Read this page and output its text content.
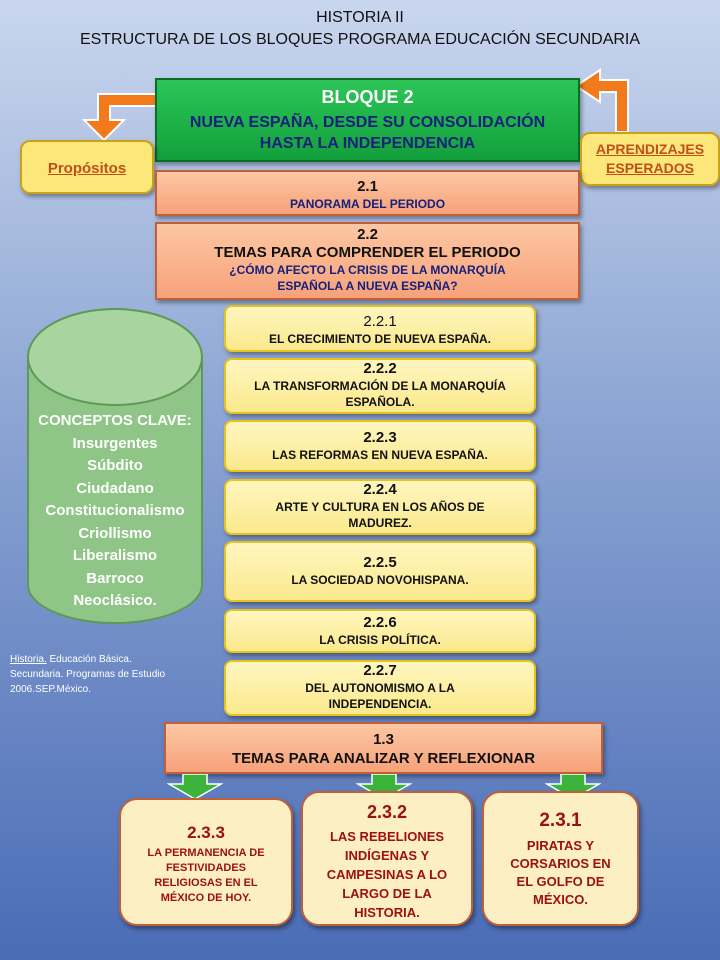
HISTORIA II
ESTRUCTURA DE LOS BLOQUES PROGRAMA EDUCACIÓN SECUNDARIA
BLOQUE 2
NUEVA ESPAÑA, DESDE SU CONSOLIDACIÓN
HASTA LA INDEPENDENCIA
Propósitos
APRENDIZAJES
ESPERADOS
2.1
PANORAMA DEL PERIODO
2.2
TEMAS PARA COMPRENDER EL PERIODO
¿CÓMO AFECTO LA CRISIS DE LA MONARQUÍA
ESPAÑOLA A NUEVA ESPAÑA?
2.2.1
EL CRECIMIENTO DE NUEVA ESPAÑA.
2.2.2
LA TRANSFORMACIÓN DE LA MONARQUÍA ESPAÑOLA.
2.2.3
LAS REFORMAS EN NUEVA ESPAÑA.
2.2.4
ARTE Y CULTURA EN LOS AÑOS DE MADUREZ.
2.2.5
LA SOCIEDAD NOVOHISPANA.
2.2.6
LA CRISIS POLÍTICA.
2.2.7
DEL AUTONOMISMO A LA INDEPENDENCIA.
CONCEPTOS CLAVE:
Insurgentes
Súbdito
Ciudadano
Constitucionalismo
Criollismo
Liberalismo
Barroco
Neoclásico.
Historia. Educación Básica. Secundaria. Programas de Estudio 2006.SEP.México.
1.3
TEMAS PARA ANALIZAR Y REFLEXIONAR
2.3.3
LA PERMANENCIA DE FESTIVIDADES RELIGIOSAS EN EL MÉXICO DE HOY.
2.3.2
LAS REBELIONES INDÍGENAS Y CAMPESINAS A LO LARGO DE LA HISTORIA.
2.3.1
PIRATAS Y CORSARIOS EN EL GOLFO DE MÉXICO.
